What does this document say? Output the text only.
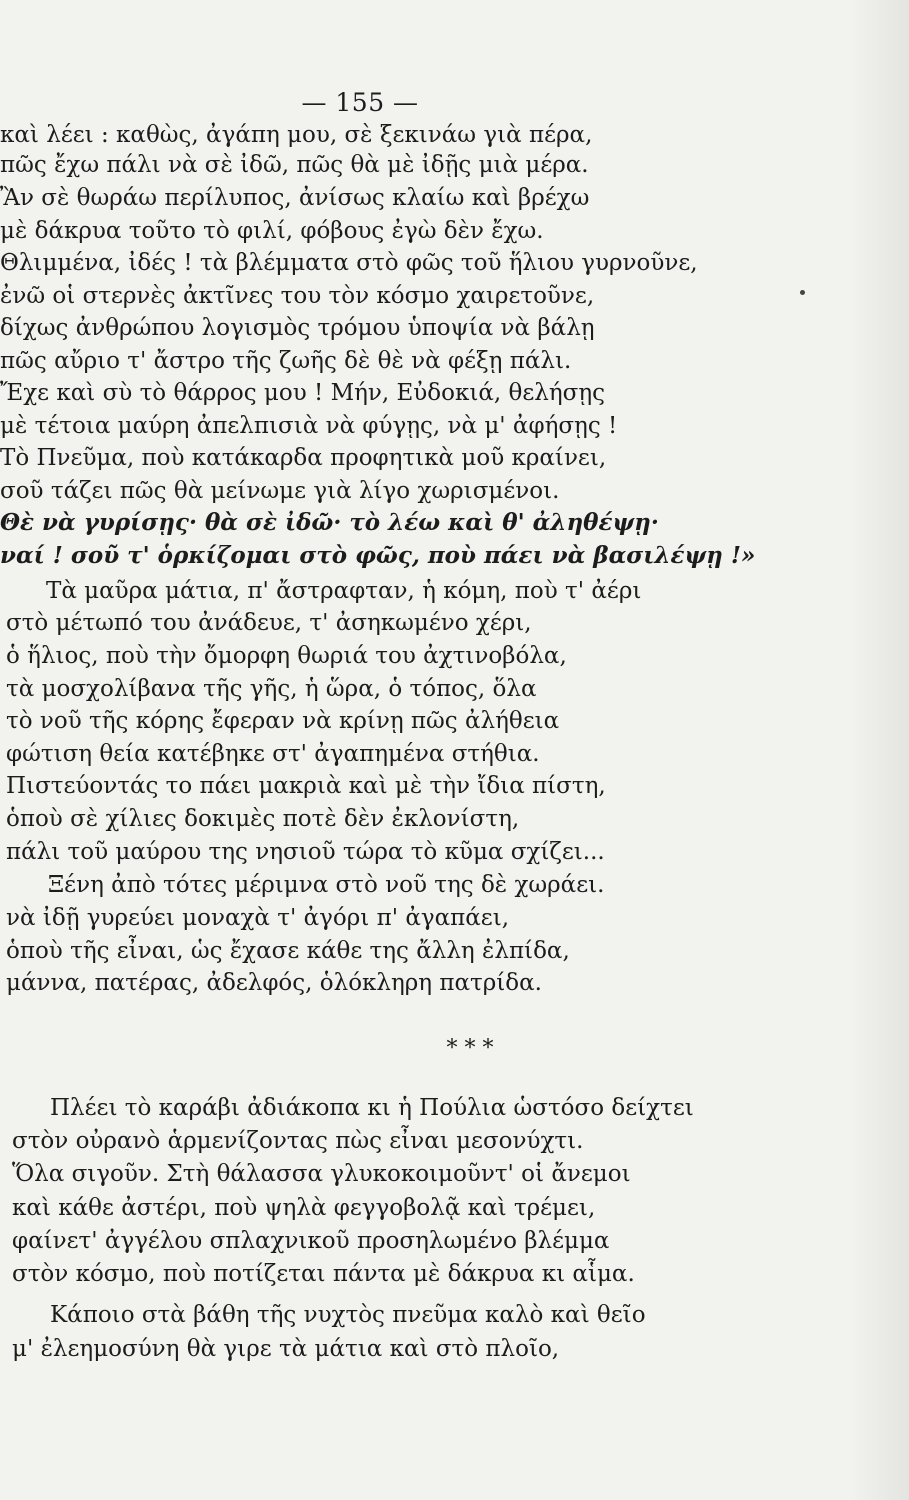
— 155 —
καὶ λέει : καθὼς, ἀγάπη μου, σὲ ξεκινάω γιὰ πέρα,
πῶς ἔχω πάλι νὰ σὲ ἰδῶ, πῶς θὰ μὲ ἰδῇς μιὰ μέρα.
Ἂν σὲ θωράω περίλυπος, ἀνίσως κλαίω καὶ βρέχω
μὲ δάκρυα τοῦτο τὸ φιλί, φόβους ἐγὼ δὲν ἔχω.
Θλιμμένα, ἰδές ! τὰ βλέμματα στὸ φῶς τοῦ ἥλιου γυρνοῦνε,
ἐνῶ οἱ στερνὲς ἀκτῖνες του τὸν κόσμο χαιρετοῦνε,
δίχως ἀνθρώπου λογισμὸς τρόμου ὑποψία νὰ βάλῃ
πῶς αὔριο τ' ἄστρο τῆς ζωῆς δὲ θὲ νὰ φέξῃ πάλι.
Ἔχε καὶ σὺ τὸ θάρρος μου ! Μήν, Εὐδοκιά, θελήσῃς
μὲ τέτοια μαύρη ἀπελπισιὰ νὰ φύγῃς, νὰ μ' ἀφήσῃς !
Τὸ Πνεῦμα, ποὺ κατάκαρδα προφητικὰ μοῦ κραίνει,
σοῦ τάζει πῶς θὰ μείνωμε γιὰ λίγο χωρισμένοι.
Θὲ νὰ γυρίσῃς· θὰ σὲ ἰδῶ· τὸ λέω καὶ θ' ἀληθέψῃ·
ναί ! σοῦ τ' ὁρκίζομαι στὸ φῶς, ποὺ πάει νὰ βασιλέψῃ !»
Τὰ μαῦρα μάτια, π' ἄστραφταν, ἡ κόμη, ποὺ τ' ἀέρι
στὸ μέτωπό του ἀνάδευε, τ' ἀσηκωμένο χέρι,
ὁ ἥλιος, ποὺ τὴν ὄμορφη θωριά του ἀχτινοβόλα,
τὰ μοσχολίβανα τῆς γῆς, ἡ ὥρα, ὁ τόπος, ὅλα
τὸ νοῦ τῆς κόρης ἔφεραν νὰ κρίνῃ πῶς ἀλήθεια
φώτιση θεία κατέβηκε στ' ἀγαπημένα στήθια.
Πιστεύοντάς το πάει μακριὰ καὶ μὲ τὴν ἴδια πίστη,
ὁποὺ σὲ χίλιες δοκιμὲς ποτὲ δὲν ἐκλονίστη,
πάλι τοῦ μαύρου της νησιοῦ τώρα τὸ κῦμα σχίζει...
Ξένη ἀπὸ τότες μέριμνα στὸ νοῦ της δὲ χωράει.
νὰ ἰδῇ γυρεύει μοναχὰ τ' ἀγόρι π' ἀγαπάει,
ὁποὺ τῆς εἶναι, ὡς ἔχασε κάθε της ἄλλη ἐλπίδα,
μάννα, πατέρας, ἀδελφός, ὁλόκληρη πατρίδα.
* * *
Πλέει τὸ καράβι ἀδιάκοπα κι ἡ Πούλια ὡστόσο δείχτει
στὸν οὐρανὸ ἁρμενίζοντας πὼς εἶναι μεσονύχτι.
Ὅλα σιγοῦν. Στὴ θάλασσα γλυκοκοιμοῦντ' οἱ ἄνεμοι
καὶ κάθε ἀστέρι, ποὺ ψηλὰ φεγγοβολᾷ καὶ τρέμει,
φαίνετ' ἀγγέλου σπλαχνικοῦ προσηλωμένο βλέμμα
στὸν κόσμο, ποὺ ποτίζεται πάντα μὲ δάκρυα κι αἷμα.
Κάποιο στὰ βάθη τῆς νυχτὸς πνεῦμα καλὸ καὶ θεῖο
μ' ἐλεημοσύνη θὰ γιρε τὰ μάτια καὶ στὸ πλοῖο,
